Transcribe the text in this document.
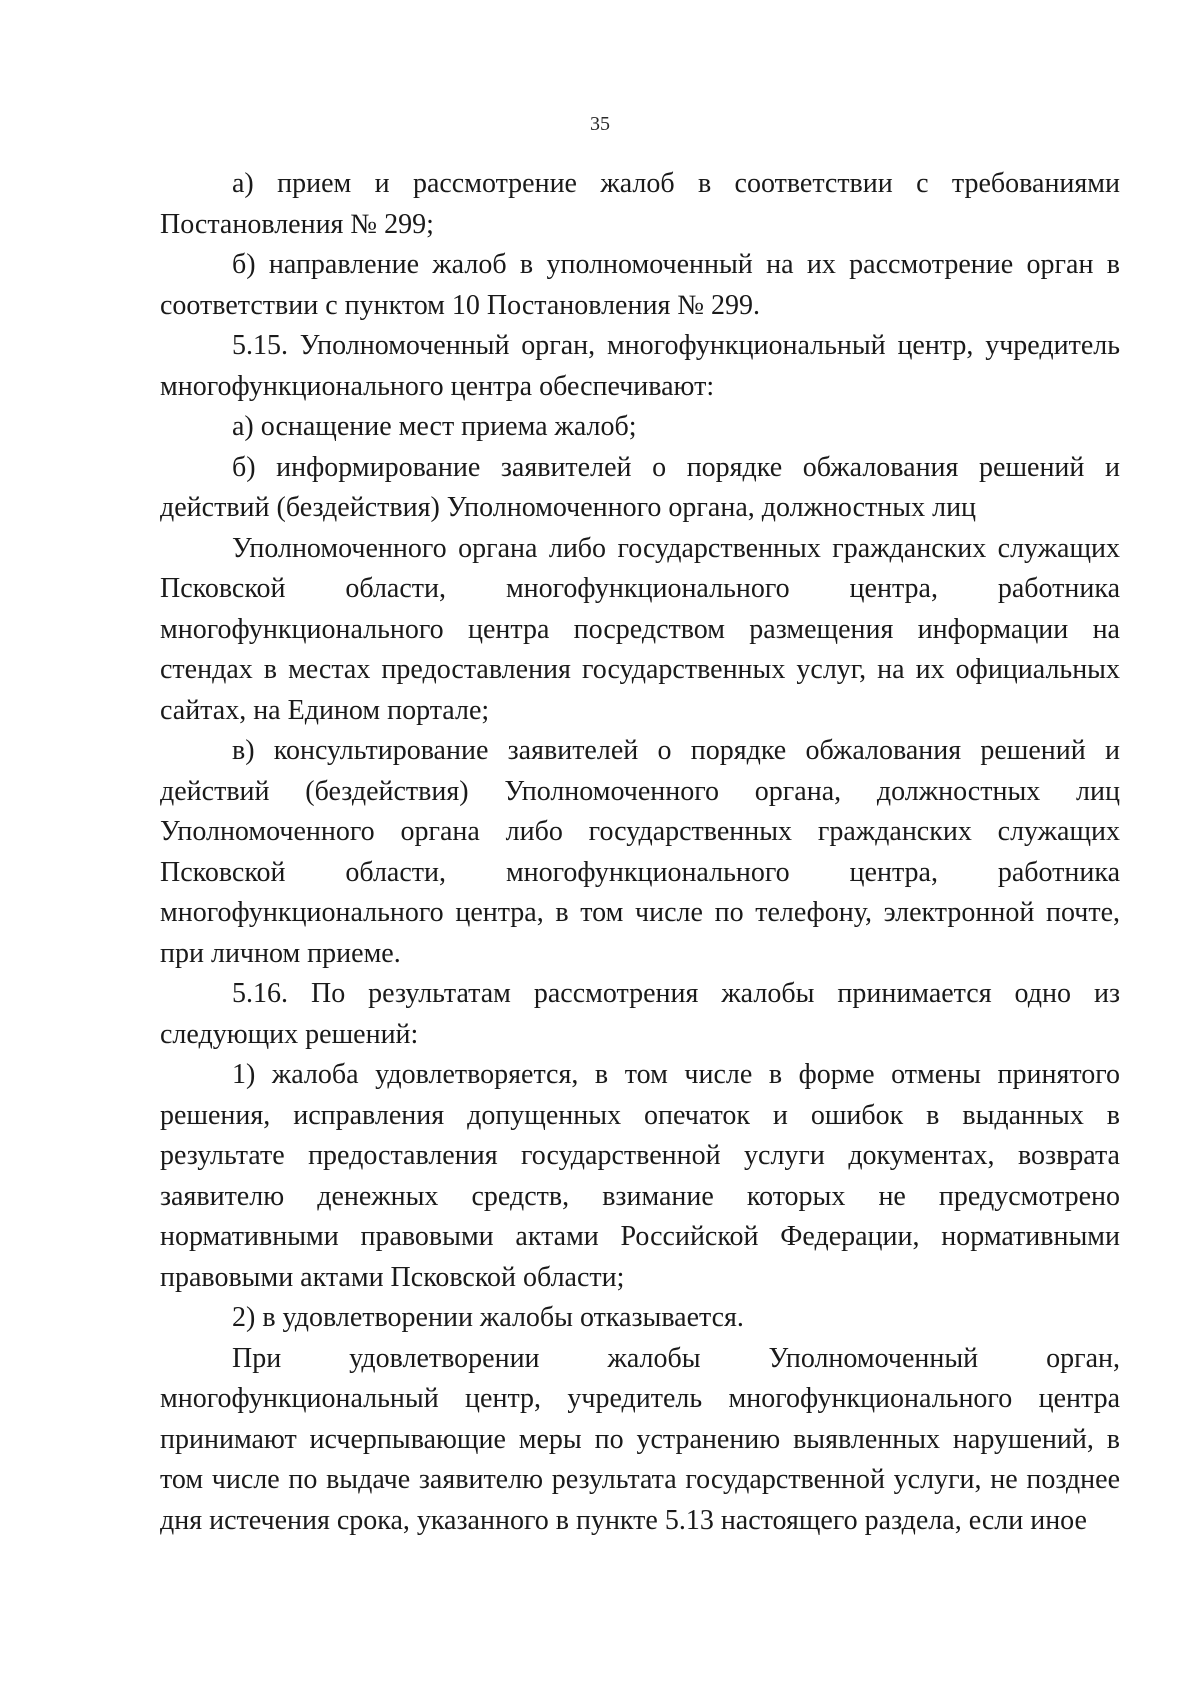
35

а) прием и рассмотрение жалоб в соответствии с требованиями Постановления № 299;

б) направление жалоб в уполномоченный на их рассмотрение орган в соответствии с пунктом 10 Постановления № 299.

5.15. Уполномоченный орган, многофункциональный центр, учредитель многофункционального центра обеспечивают:

а) оснащение мест приема жалоб;

б) информирование заявителей о порядке обжалования решений и действий (бездействия) Уполномоченного органа, должностных лиц

Уполномоченного органа либо государственных гражданских служащих Псковской области, многофункционального центра, работника многофункционального центра посредством размещения информации на стендах в местах предоставления государственных услуг, на их официальных сайтах, на Едином портале;

в) консультирование заявителей о порядке обжалования решений и действий (бездействия) Уполномоченного органа, должностных лиц Уполномоченного органа либо государственных гражданских служащих Псковской области, многофункционального центра, работника многофункционального центра, в том числе по телефону, электронной почте, при личном приеме.

5.16. По результатам рассмотрения жалобы принимается одно из следующих решений:

1) жалоба удовлетворяется, в том числе в форме отмены принятого решения, исправления допущенных опечаток и ошибок в выданных в результате предоставления государственной услуги документах, возврата заявителю денежных средств, взимание которых не предусмотрено нормативными правовыми актами Российской Федерации, нормативными правовыми актами Псковской области;

2) в удовлетворении жалобы отказывается.

При удовлетворении жалобы Уполномоченный орган, многофункциональный центр, учредитель многофункционального центра принимают исчерпывающие меры по устранению выявленных нарушений, в том числе по выдаче заявителю результата государственной услуги, не позднее дня истечения срока, указанного в пункте 5.13 настоящего раздела, если иное
